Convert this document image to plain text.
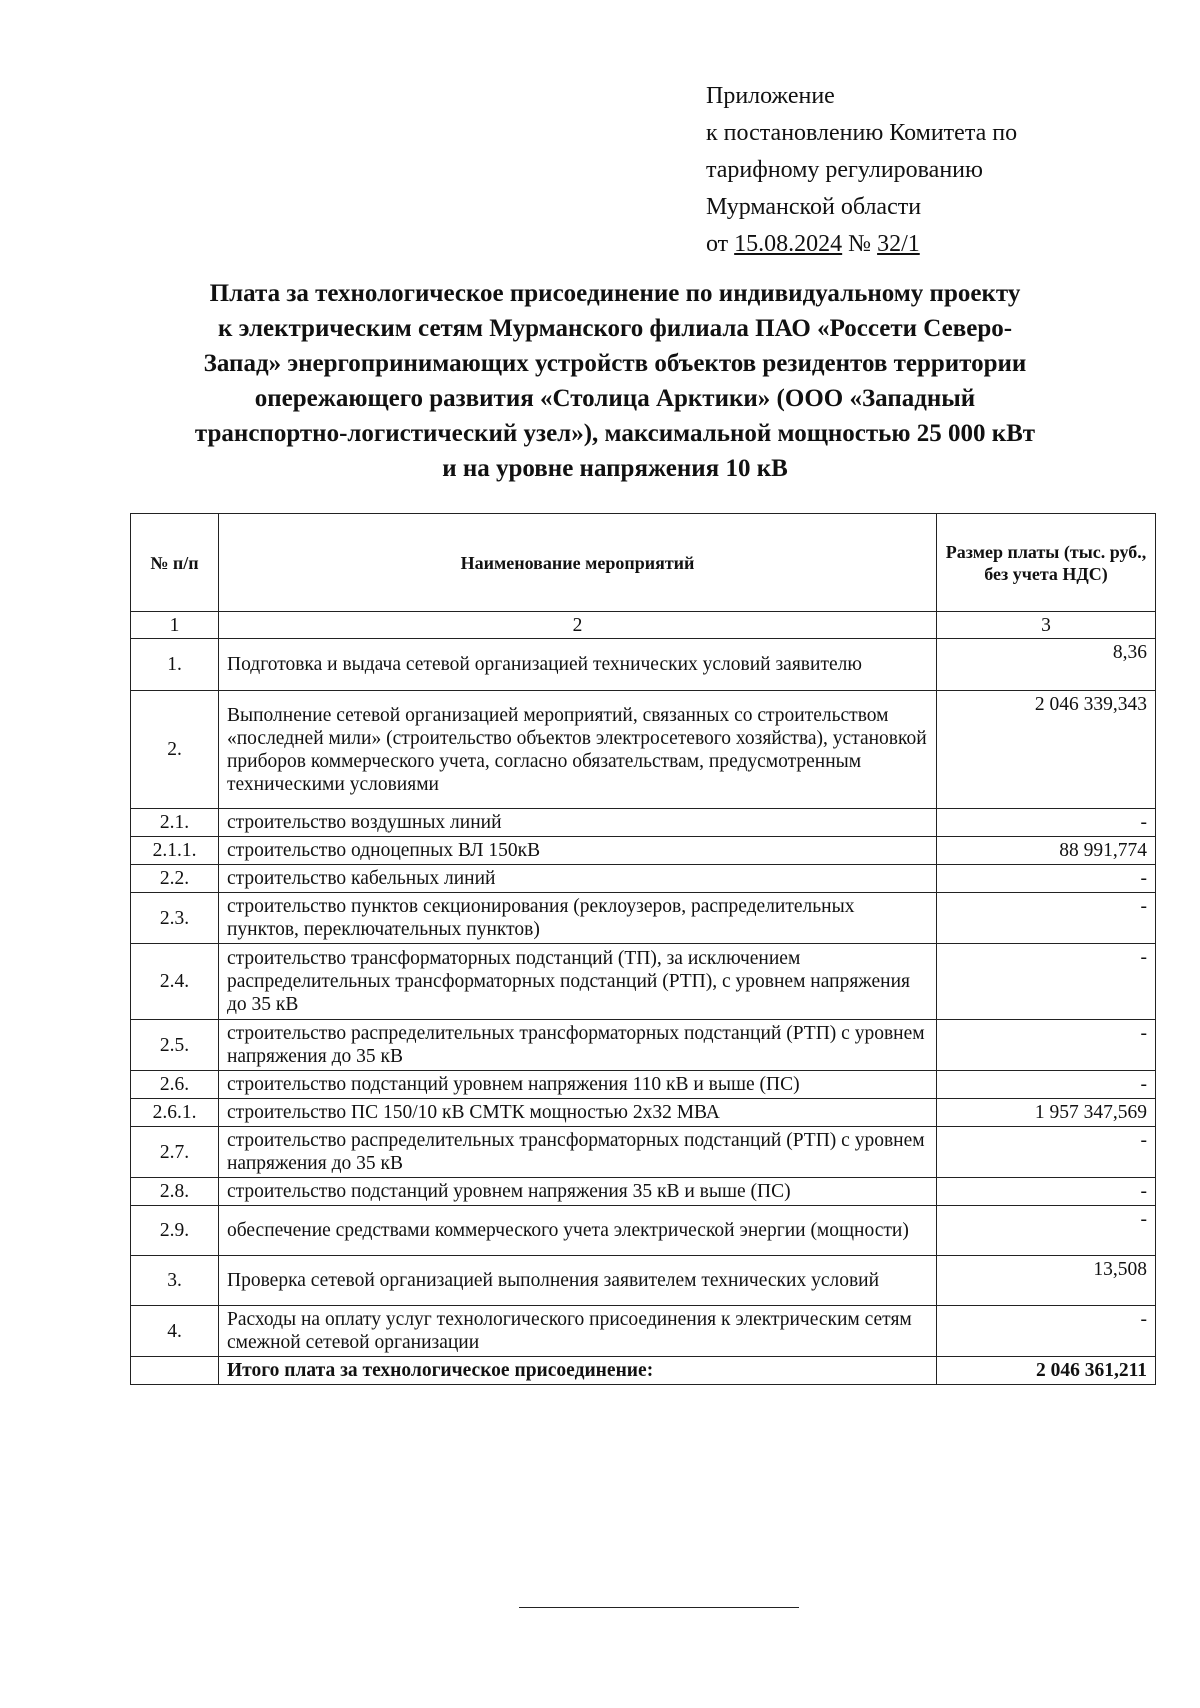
Приложение
к постановлению Комитета по
тарифному регулированию
Мурманской области
от 15.08.2024 № 32/1
Плата за технологическое присоединение по индивидуальному проекту
к электрическим сетям Мурманского филиала ПАО «Россети Северо-
Запад» энергопринимающих устройств объектов резидентов территории
опережающего развития «Столица Арктики» (ООО «Западный
транспортно-логистический узел»), максимальной мощностью 25 000 кВт
и на уровне напряжения 10 кВ
№ п/п	Наименование мероприятий	Размер платы (тыс. руб., без учета НДС)
1	2	3
1.	Подготовка и выдача сетевой организацией технических условий заявителю	8,36
2.	Выполнение сетевой организацией мероприятий, связанных со строительством «последней мили» (строительство объектов электросетевого хозяйства), установкой приборов коммерческого учета, согласно обязательствам, предусмотренным техническими условиями	2 046 339,343
2.1.	строительство воздушных линий	-
2.1.1.	строительство одноцепных ВЛ 150кВ	88 991,774
2.2.	строительство кабельных линий	-
2.3.	строительство пунктов секционирования (реклоузеров, распределительных пунктов, переключательных пунктов)	-
2.4.	строительство трансформаторных подстанций (ТП), за исключением распределительных трансформаторных подстанций (РТП), с уровнем напряжения до 35 кВ	-
2.5.	строительство распределительных трансформаторных подстанций (РТП) с уровнем напряжения до 35 кВ	-
2.6.	строительство подстанций уровнем напряжения 110 кВ и выше (ПС)	-
2.6.1.	строительство ПС 150/10 кВ СМТК мощностью 2х32 МВА	1 957 347,569
2.7.	строительство распределительных трансформаторных подстанций (РТП) с уровнем напряжения до 35 кВ	-
2.8.	строительство подстанций уровнем напряжения 35 кВ и выше (ПС)	-
2.9.	обеспечение средствами коммерческого учета электрической энергии (мощности)	-
3.	Проверка сетевой организацией выполнения заявителем технических условий	13,508
4.	Расходы на оплату услуг технологического присоединения к электрическим сетям смежной сетевой организации	-
	Итого плата за технологическое присоединение:	2 046 361,211
